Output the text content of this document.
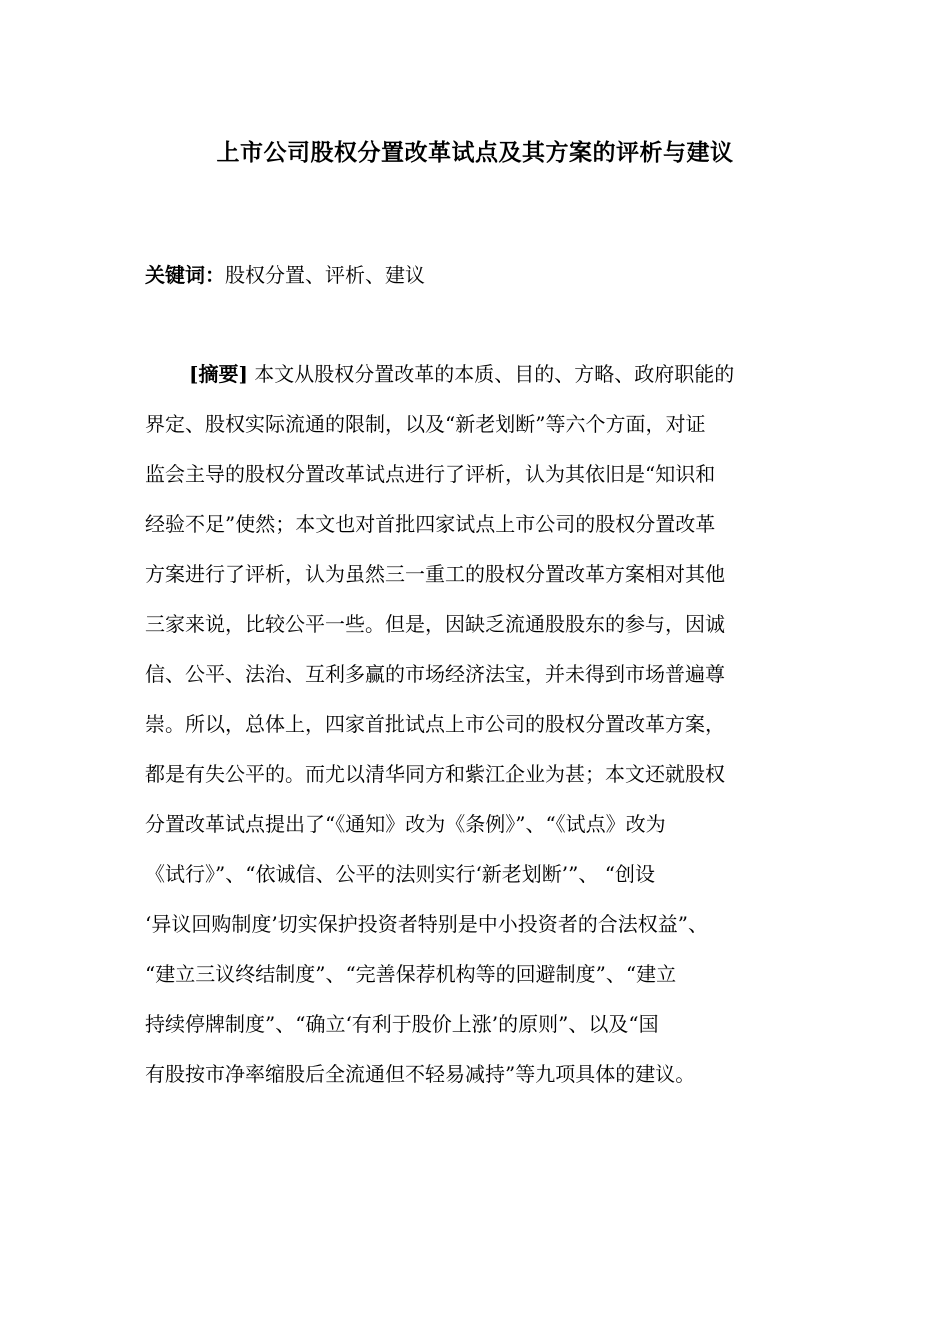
上市公司股权分置改革试点及其方案的评析与建议
关键词：股权分置、评析、建议
[摘要] 本文从股权分置改革的本质、目的、方略、政府职能的
界定、股权实际流通的限制，以及“新老划断”等六个方面，对证
监会主导的股权分置改革试点进行了评析，认为其依旧是“知识和
经验不足”使然；本文也对首批四家试点上市公司的股权分置改革
方案进行了评析，认为虽然三一重工的股权分置改革方案相对其他
三家来说，比较公平一些。但是，因缺乏流通股股东的参与，因诚
信、公平、法治、互利多赢的市场经济法宝，并未得到市场普遍尊
崇。所以，总体上，四家首批试点上市公司的股权分置改革方案，
都是有失公平的。而尤以清华同方和紫江企业为甚；本文还就股权
分置改革试点提出了“《通知》改为《条例》”、“《试点》改为
《试行》”、“依诚信、公平的法则实行‘新老划断’”、 “创设
‘异议回购制度’切实保护投资者特别是中小投资者的合法权益”、
“建立三议终结制度”、“完善保荐机构等的回避制度”、“建立
持续停牌制度”、“确立‘有利于股价上涨’的原则”、以及“国
有股按市净率缩股后全流通但不轻易减持”等九项具体的建议。
